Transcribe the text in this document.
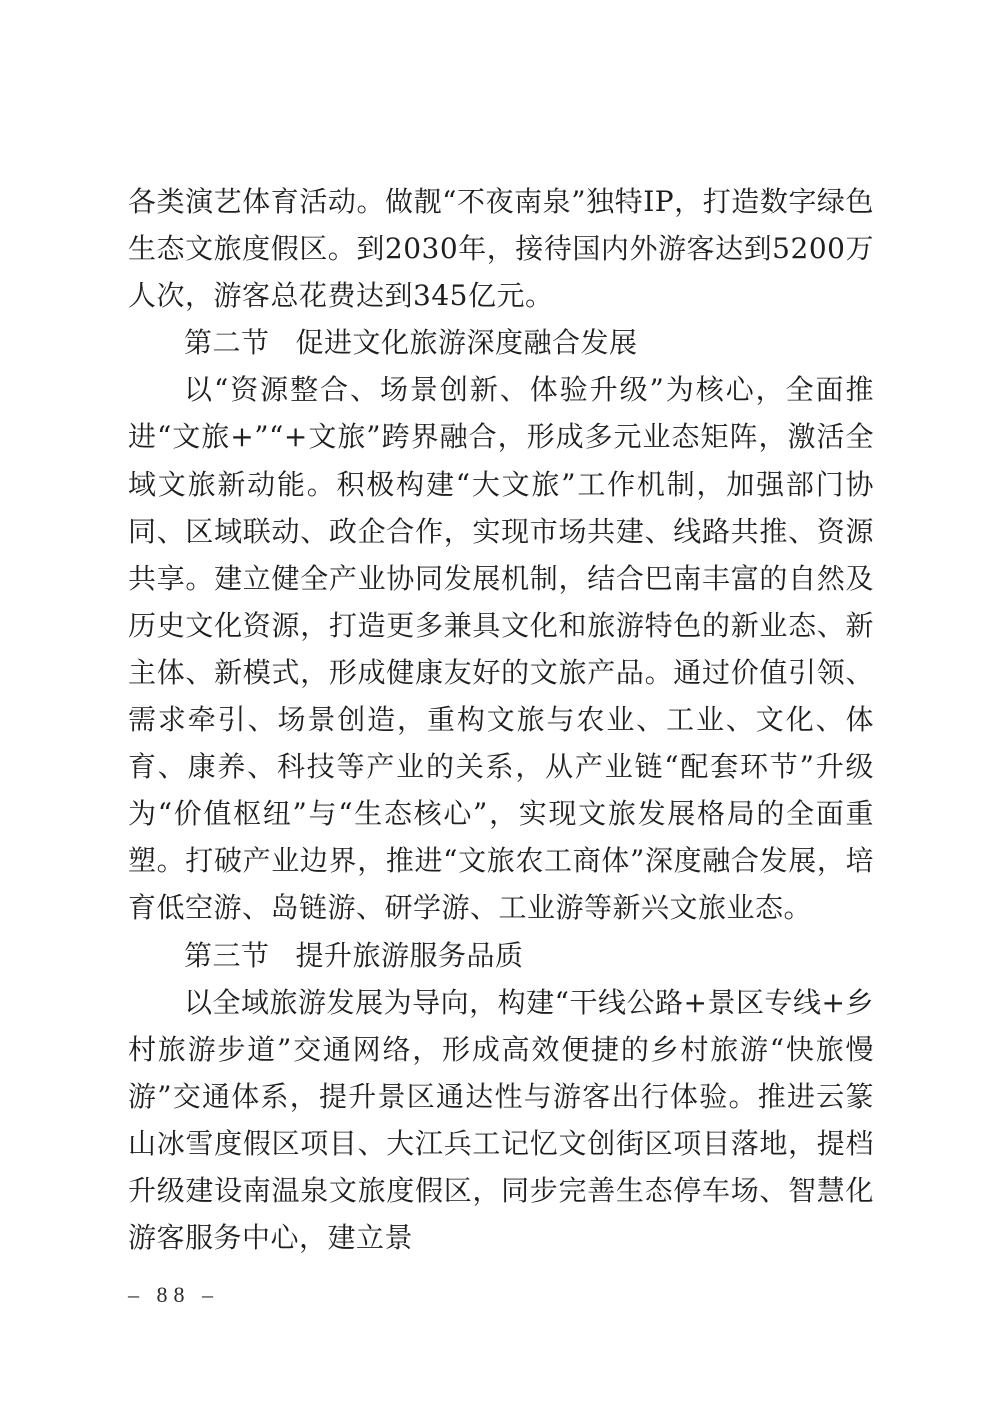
各类演艺体育活动。做靓“不夜南泉”独特IP，打造数字绿色生态文旅度假区。到2030年，接待国内外游客达到5200万人次，游客总花费达到345亿元。

第二节 促进文化旅游深度融合发展

以“资源整合、场景创新、体验升级”为核心，全面推进“文旅+”“+文旅”跨界融合，形成多元业态矩阵，激活全域文旅新动能。积极构建“大文旅”工作机制，加强部门协同、区域联动、政企合作，实现市场共建、线路共推、资源共享。建立健全产业协同发展机制，结合巴南丰富的自然及历史文化资源，打造更多兼具文化和旅游特色的新业态、新主体、新模式，形成健康友好的文旅产品。通过价值引领、需求牵引、场景创造，重构文旅与农业、工业、文化、体育、康养、科技等产业的关系，从产业链“配套环节”升级为“价值枢纽”与“生态核心”，实现文旅发展格局的全面重塑。打破产业边界，推进“文旅农工商体”深度融合发展，培育低空游、岛链游、研学游、工业游等新兴文旅业态。

第三节 提升旅游服务品质

以全域旅游发展为导向，构建“干线公路+景区专线+乡村旅游步道”交通网络，形成高效便捷的乡村旅游“快旅慢游”交通体系，提升景区通达性与游客出行体验。推进云篆山冰雪度假区项目、大江兵工记忆文创街区项目落地，提档升级建设南温泉文旅度假区，同步完善生态停车场、智慧化游客服务中心，建立景

– 88 –
